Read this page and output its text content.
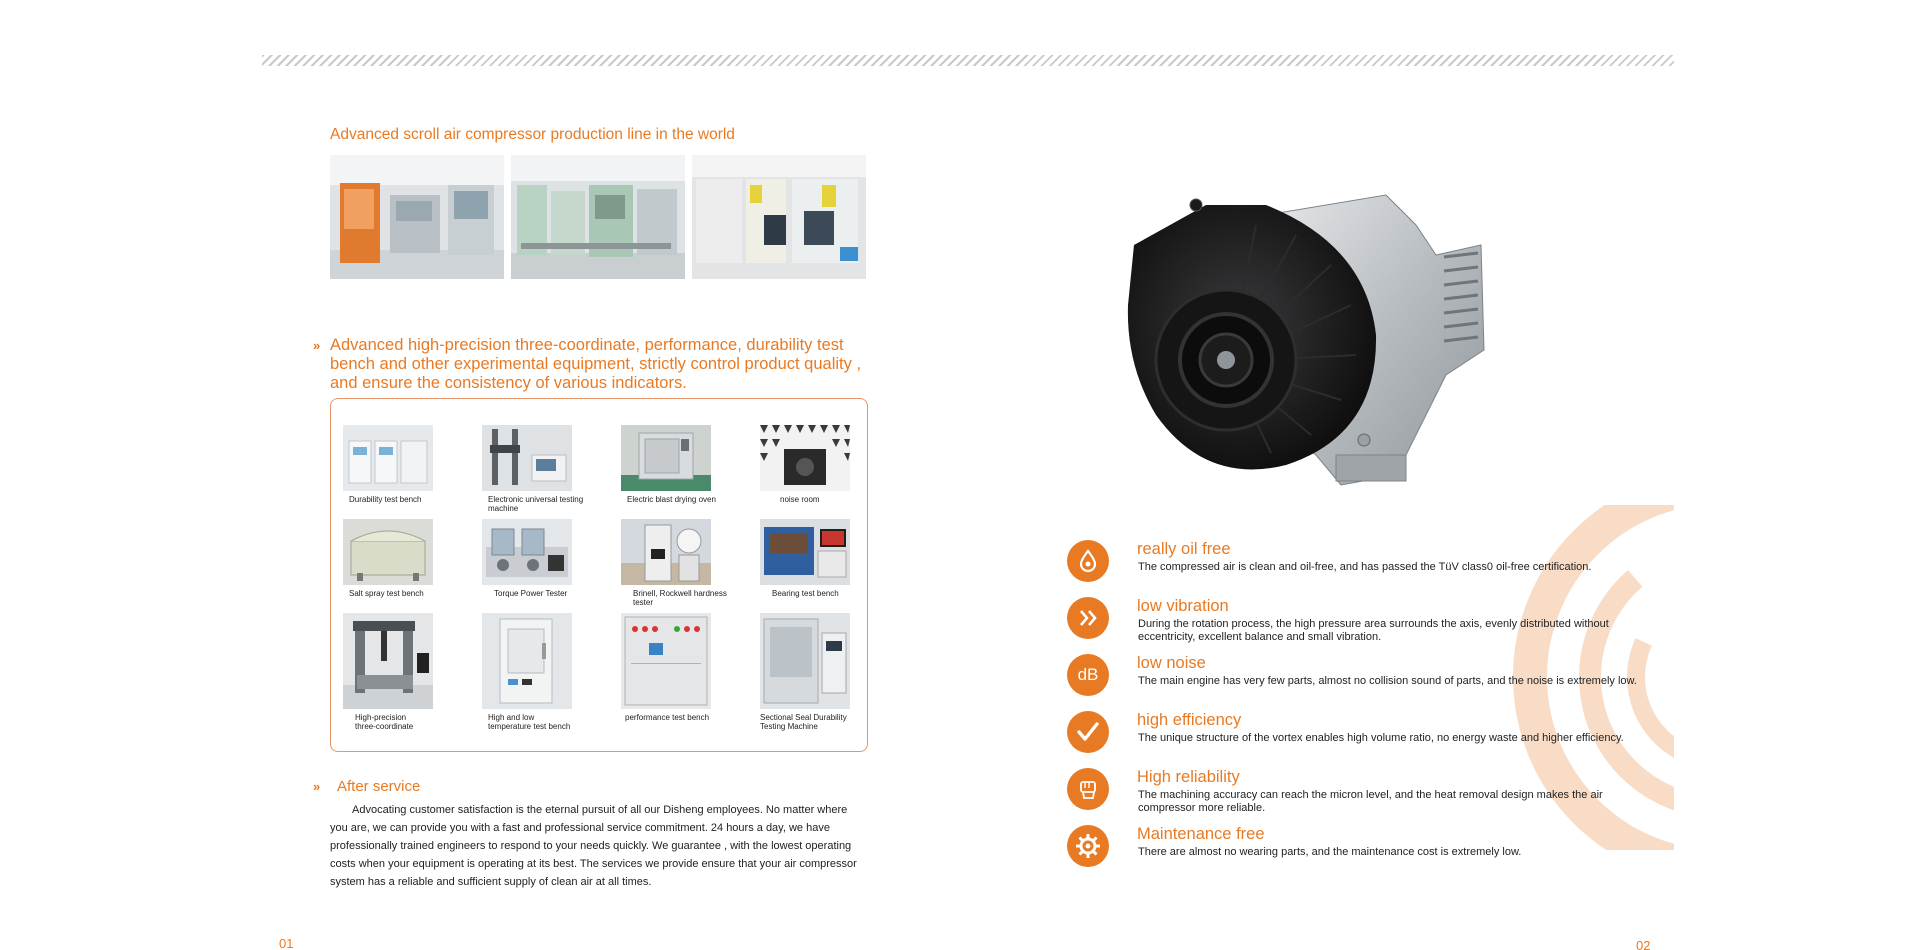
Advanced scroll air compressor production line in the world
» Advanced high-precision three-coordinate, performance, durability test bench and other experimental equipment, strictly control product quality , and ensure the consistency of various indicators.
Durability test bench	Electronic universal testing machine
Electric blast drying oven	noise room
Salt spray test bench	Torque Power Tester	Brinell, Rockwell hardness tester
Bearing test bench
High-precision three-coordinate
High and low temperature test bench
performance test bench	Sectional Seal Durability Testing Machine
» After service
Advocating customer satisfaction is the eternal pursuit of all our Disheng employees. No matter where you are, we can provide you with a fast and professional service commitment. 24 hours a day, we have professionally trained engineers to respond to your needs quickly. We guarantee , with the lowest operating costs when your equipment is operating at its best. The services we provide ensure that your air compressor system has a reliable and sufficient supply of clean air at all times.
01	02
really oil free
The compressed air is clean and oil-free, and has passed the TüV class0 oil-free certification.
low vibration
During the rotation process, the high pressure area surrounds the axis, evenly distributed without eccentricity, excellent balance and small vibration.
dB
low noise
The main engine has very few parts, almost no collision sound of parts, and the noise is extremely low.
high efficiency
The unique structure of the vortex enables high volume ratio, no energy waste and higher efficiency.
High reliability
The machining accuracy can reach the micron level, and the heat removal design makes the air compressor more reliable.
Maintenance free
There are almost no wearing parts, and the maintenance cost is extremely low.
